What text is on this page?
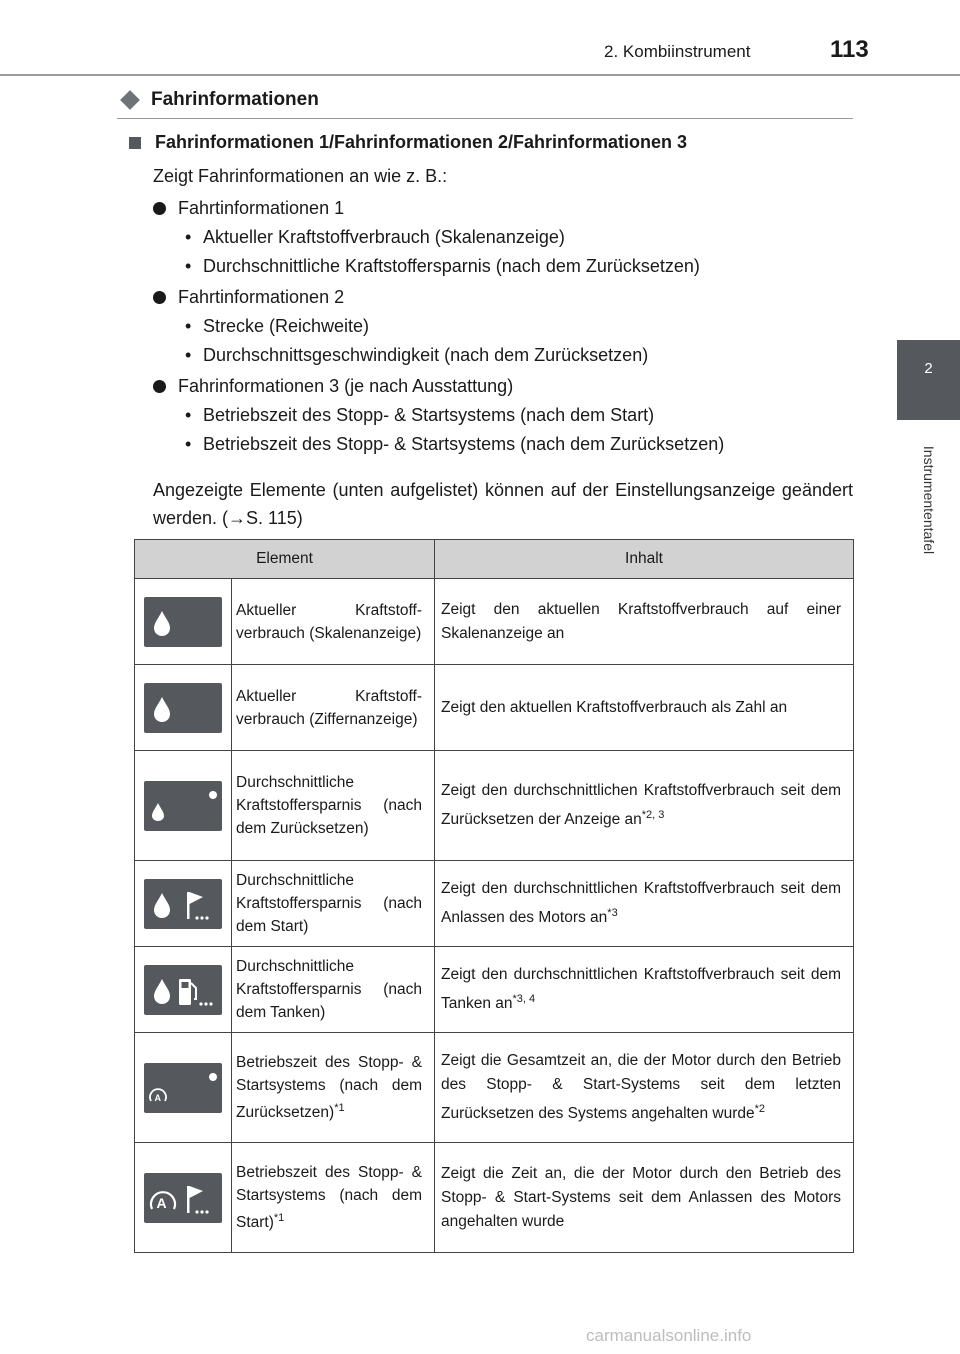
2. Kombiinstrument	113
2
Instrumententafel
Fahrinformationen
Fahrinformationen 1/Fahrinformationen 2/Fahrinformationen 3
Zeigt Fahrinformationen an wie z. B.:
Fahrtinformationen 1
• Aktueller Kraftstoffverbrauch (Skalenanzeige)
• Durchschnittliche Kraftstoffersparnis (nach dem Zurücksetzen)
Fahrtinformationen 2
• Strecke (Reichweite)
• Durchschnittsgeschwindigkeit (nach dem Zurücksetzen)
Fahrinformationen 3 (je nach Ausstattung)
• Betriebszeit des Stopp- & Startsystems (nach dem Start)
• Betriebszeit des Stopp- & Startsystems (nach dem Zurücksetzen)
Angezeigte Elemente (unten aufgelistet) können auf der Einstellungsanzeige geändert werden. (→S. 115)
Element		Inhalt

	Aktueller Kraftstoffverbrauch (Skalenanzeige)	Zeigt den aktuellen Kraftstoffverbrauch auf einer Skalenanzeige an

	Aktueller Kraftstoffverbrauch (Ziffernanzeige)	Zeigt den aktuellen Kraftstoffverbrauch als Zahl an

	Durchschnittliche Kraftstoffersparnis (nach dem Zurücksetzen)	Zeigt den durchschnittlichen Kraftstoffverbrauch seit dem Zurücksetzen der Anzeige an$^{*2, 3}$

	Durchschnittliche Kraftstoffersparnis (nach dem Start)	Zeigt den durchschnittlichen Kraftstoffverbrauch seit dem Anlassen des Motors $an^{*3}$

	Durchschnittliche Kraftstoffersparnis (nach dem Tanken)	Zeigt den durchschnittlichen Kraftstoffverbrauch seit dem Tanken an$^{*3, 4}$

A	Betriebszeit des Stopp- & Startsystems (nach dem Zurücksetzen)$^{*1}$	Zeigt die Gesamtzeit an, die der Motor durch den Betrieb des Stopp- & Start-Systems seit dem letzten Zurücksetzen des Systems angehalten wurde$^{*2}$

A	Betriebszeit des Stopp- & Startsystems (nach dem Start)$^{*1}$	Zeigt die Zeit an, die der Motor durch den Betrieb des Stopp- & Start-Systems seit dem Anlassen des Motors angehalten wurde
carmanualsonline.info
